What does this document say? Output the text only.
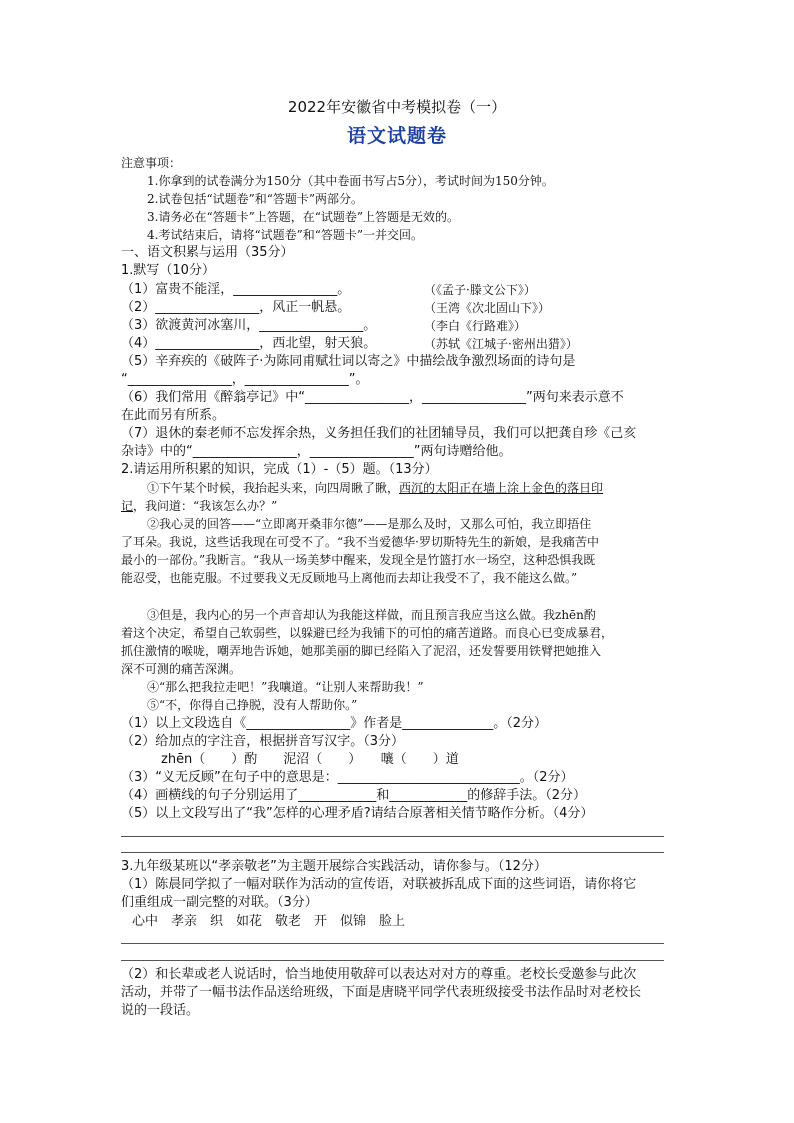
2022年安徽省中考模拟卷（一）
语文试题卷
注意事项：
1.你拿到的试卷满分为150分（其中卷面书写占5分），考试时间为150分钟。
2.试卷包括“试题卷”和“答题卡”两部分。
3.请务必在“答题卡”上答题，在“试题卷”上答题是无效的。
4.考试结束后，请将“试题卷”和“答题卡”一并交回。
一、语文积累与运用（35分）
1.默写（10分）
（1）富贵不能淫，________________。	（《孟子·滕文公下》）
（2）________________，风正一帆悬。	（王湾《次北固山下》）
（3）欲渡黄河冰塞川，________________。	（李白《行路难》）
（4）________________，西北望，射天狼。	（苏轼《江城子·密州出猎》）
（5）辛弃疾的《破阵子·为陈同甫赋壮词以寄之》中描绘战争激烈场面的诗句是
“________________，________________”。
（6）我们常用《醉翁亭记》中“________________，________________”两句来表示意不
在此而另有所系。
（7）退休的秦老师不忘发挥余热，义务担任我们的社团辅导员，我们可以把龚自珍《己亥
杂诗》中的“________________，________________”两句诗赠给他。
2.请运用所积累的知识，完成（1）-（5）题。（13分）
①下午某个时候，我抬起头来，向四周瞅了瞅，西沉的太阳正在墙上涂上金色的落日印
记，我问道：“我该怎么办？”
②我心灵的回答——“立即离开桑菲尔德”——是那么及时，又那么可怕，我立即捂住
了耳朵。我说，这些话我现在可受不了。“我不当爱德华·罗切斯特先生的新娘，是我痛苦中
最小的一部份。”我断言。“我从一场美梦中醒来，发现全是竹篮打水一场空，这种恐惧我既
能忍受，也能克服。不过要我义无反顾地马上离他而去却让我受不了，我不能这么做。”
③但是，我内心的另一个声音却认为我能这样做，而且预言我应当这么做。我zhēn酌
着这个决定，希望自己软弱些，以躲避已经为我铺下的可怕的痛苦道路。而良心已变成暴君，
抓住激情的喉咙，嘲弄地告诉她，她那美丽的脚已经陷入了泥沼，还发誓要用铁臂把她推入
深不可测的痛苦深渊。
④“那么把我拉走吧！”我嚷道。“让别人来帮助我！”
⑤“不，你得自己挣脱，没有人帮助你。”
（1）以上文段选自《________________》作者是______________。（2分）
（2）给加点的字注音，根据拼音写汉字。（3分）
zhēn（　　）酌　　泥沼（　　）　　嚷（　　）道
（3）“义无反顾”在句子中的意思是：____________________________。（2分）
（4）画横线的句子分别运用了____________和____________的修辞手法。（2分）
（5）以上文段写出了“我”怎样的心理矛盾?请结合原著相关情节略作分析。（4分）
3.九年级某班以“孝亲敬老”为主题开展综合实践活动，请你参与。（12分）
（1）陈晨同学拟了一幅对联作为活动的宣传语，对联被拆乱成下面的这些词语，请你将它
们重组成一副完整的对联。（3分）
心中　孝亲　织　如花　敬老　开　似锦　脸上
（2）和长辈或老人说话时，恰当地使用敬辞可以表达对对方的尊重。老校长受邀参与此次
活动，并带了一幅书法作品送给班级，下面是唐晓平同学代表班级接受书法作品时对老校长
说的一段话。
